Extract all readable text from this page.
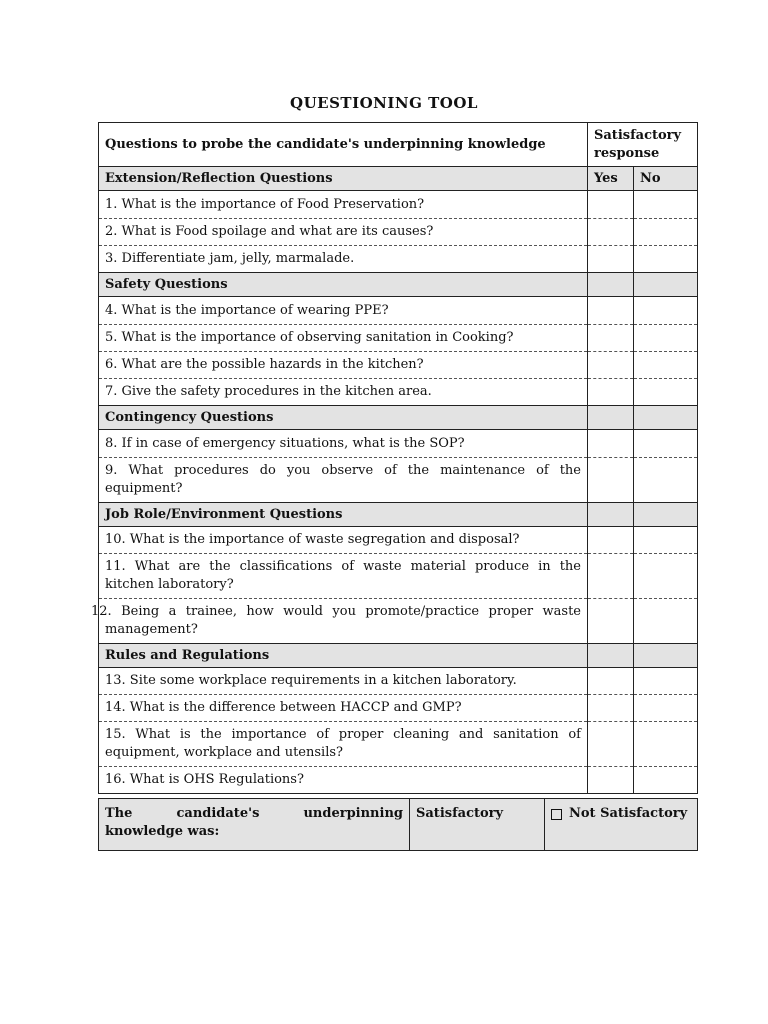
QUESTIONING TOOL
Questions to probe the candidate's underpinning knowledge	Satisfactory response	
Extension/Reflection Questions	Yes	No
1. What is the importance of Food Preservation?		
2. What is Food spoilage and what are its causes?		
3. Differentiate jam, jelly, marmalade.		
Safety Questions		
4. What is the importance of wearing PPE?		
5. What is the importance of observing sanitation in Cooking?		
6. What are the possible hazards in the kitchen?		
7. Give the safety procedures in the kitchen area.		
Contingency Questions		
8. If in case of emergency situations, what is the SOP?		
9. What procedures do you observe of the maintenance of the equipment?		
Job Role/Environment Questions		
10. What is the importance of waste segregation and disposal?		
11. What are the classifications of waste material produce in the kitchen laboratory?		
12. Being a trainee, how would you promote/practice proper waste management?		
Rules and Regulations		
13. Site some workplace requirements in a kitchen laboratory.		
14. What is the difference between HACCP and GMP?		
15. What is the importance of proper cleaning and sanitation of equipment, workplace and utensils?		
16. What is OHS Regulations?		
The candidate's underpinning knowledge was:	Satisfactory	Not Satisfactory
